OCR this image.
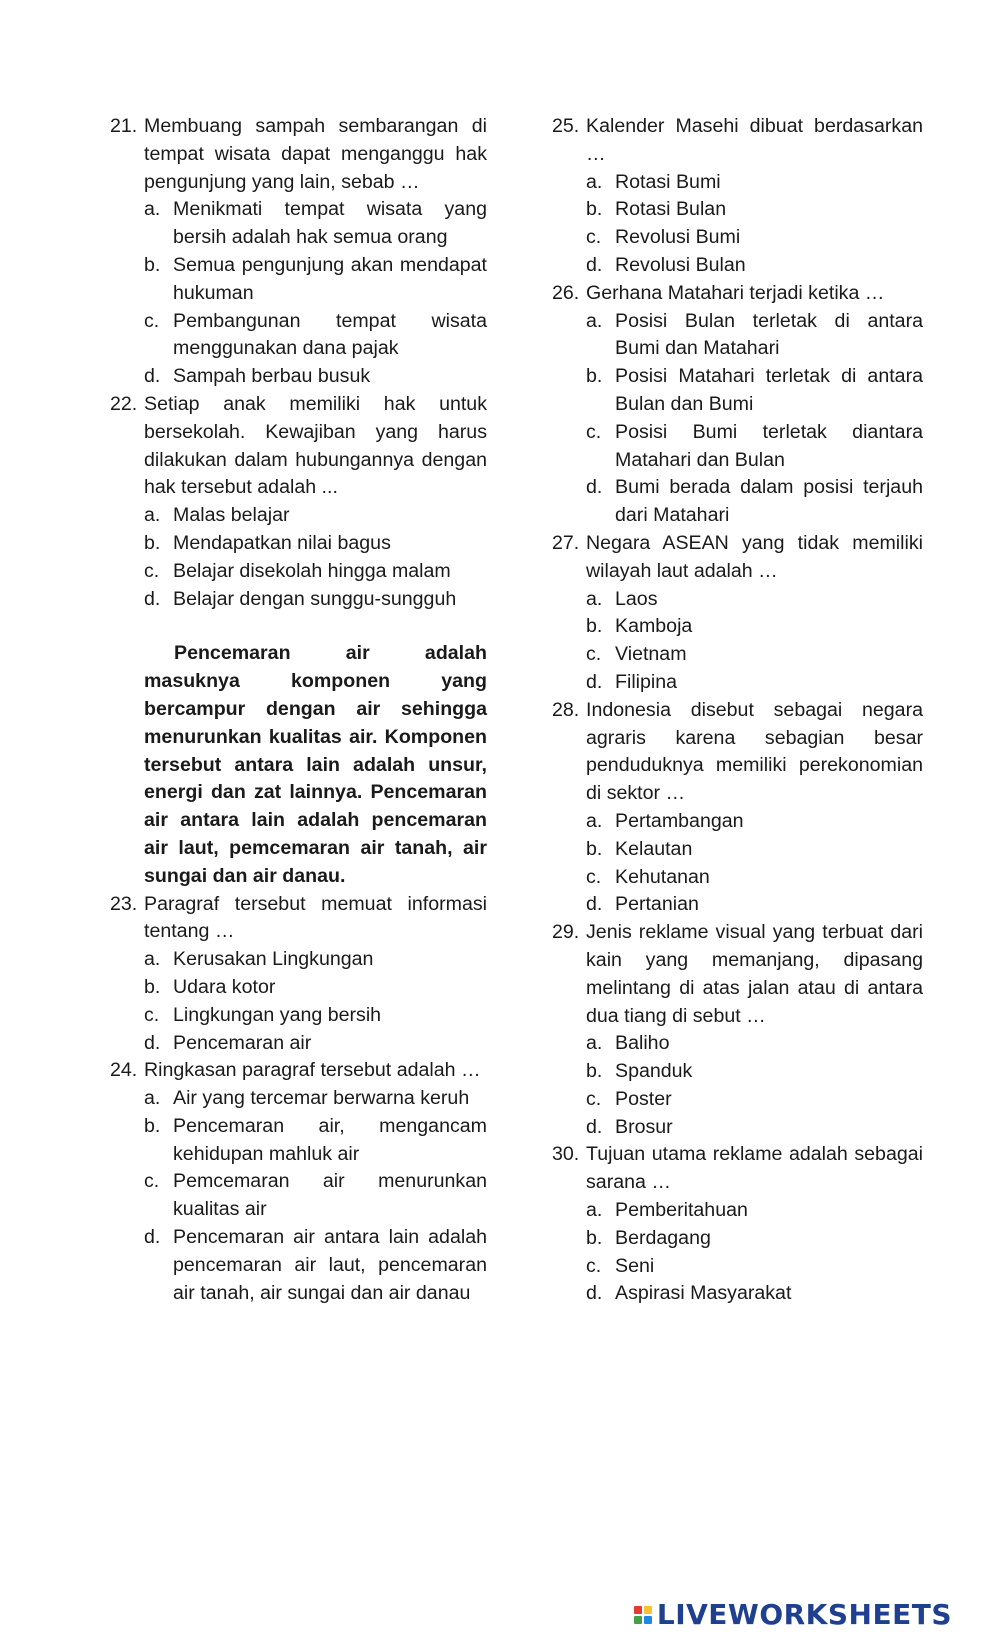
21. Membuang sampah sembarangan di tempat wisata dapat menganggu hak pengunjung yang lain, sebab …
a. Menikmati tempat wisata yang bersih adalah hak semua orang
b. Semua pengunjung akan mendapat hukuman
c. Pembangunan tempat wisata menggunakan dana pajak
d. Sampah berbau busuk
22. Setiap anak memiliki hak untuk bersekolah. Kewajiban yang harus dilakukan dalam hubungannya dengan hak tersebut adalah ...
a. Malas belajar
b. Mendapatkan nilai bagus
c. Belajar disekolah hingga malam
d. Belajar dengan sunggu-sungguh
Pencemaran air adalah masuknya komponen yang bercampur dengan air sehingga menurunkan kualitas air. Komponen tersebut antara lain adalah unsur, energi dan zat lainnya. Pencemaran air antara lain adalah pencemaran air laut, pemcemaran air tanah, air sungai dan air danau.
23. Paragraf tersebut memuat informasi tentang …
a. Kerusakan Lingkungan
b. Udara kotor
c. Lingkungan yang bersih
d. Pencemaran air
24. Ringkasan paragraf tersebut adalah …
a. Air yang tercemar berwarna keruh
b. Pencemaran air, mengancam kehidupan mahluk air
c. Pemcemaran air menurunkan kualitas air
d. Pencemaran air antara lain adalah pencemaran air laut, pencemaran air tanah, air sungai dan air danau
25. Kalender Masehi dibuat berdasarkan …
a. Rotasi Bumi
b. Rotasi Bulan
c. Revolusi Bumi
d. Revolusi Bulan
26. Gerhana Matahari terjadi ketika …
a. Posisi Bulan terletak di antara Bumi dan Matahari
b. Posisi Matahari terletak di antara Bulan dan Bumi
c. Posisi Bumi terletak diantara Matahari dan Bulan
d. Bumi berada dalam posisi terjauh dari Matahari
27. Negara ASEAN yang tidak memiliki wilayah laut adalah …
a. Laos
b. Kamboja
c. Vietnam
d. Filipina
28. Indonesia disebut sebagai negara agraris karena sebagian besar penduduknya memiliki perekonomian di sektor …
a. Pertambangan
b. Kelautan
c. Kehutanan
d. Pertanian
29. Jenis reklame visual yang terbuat dari kain yang memanjang, dipasang melintang di atas jalan atau di antara dua tiang di sebut …
a. Baliho
b. Spanduk
c. Poster
d. Brosur
30. Tujuan utama reklame adalah sebagai sarana …
a. Pemberitahuan
b. Berdagang
c. Seni
d. Aspirasi Masyarakat
LIVEWORKSHEETS
